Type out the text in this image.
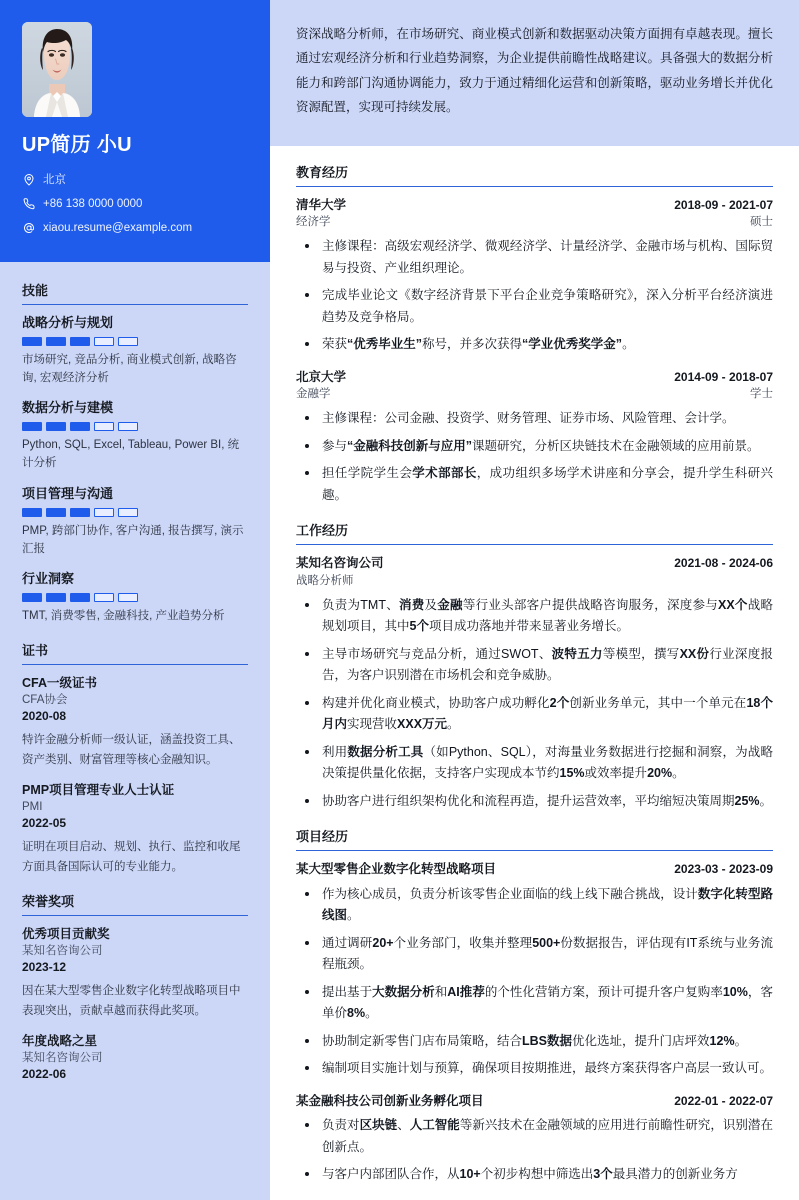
UP简历 小U
北京
+86 138 0000 0000
xiaou.resume@example.com
技能
战略分析与规划
市场研究, 竞品分析, 商业模式创新, 战略咨询, 宏观经济分析
数据分析与建模
Python, SQL, Excel, Tableau, Power BI, 统计分析
项目管理与沟通
PMP, 跨部门协作, 客户沟通, 报告撰写, 演示汇报
行业洞察
TMT, 消费零售, 金融科技, 产业趋势分析
证书
CFA一级证书
CFA协会
2020-08
特许金融分析师一级认证，涵盖投资工具、资产类别、财富管理等核心金融知识。
PMP项目管理专业人士认证
PMI
2022-05
证明在项目启动、规划、执行、监控和收尾方面具备国际认可的专业能力。
荣誉奖项
优秀项目贡献奖
某知名咨询公司
2023-12
因在某大型零售企业数字化转型战略项目中表现突出，贡献卓越而获得此奖项。
年度战略之星
某知名咨询公司
2022-06
资深战略分析师，在市场研究、商业模式创新和数据驱动决策方面拥有卓越表现。擅长通过宏观经济分析和行业趋势洞察，为企业提供前瞻性战略建议。具备强大的数据分析能力和跨部门沟通协调能力，致力于通过精细化运营和创新策略，驱动业务增长并优化资源配置，实现可持续发展。
教育经历
清华大学	2018-09 - 2021-07
经济学	硕士
主修课程：高级宏观经济学、微观经济学、计量经济学、金融市场与机构、国际贸易与投资、产业组织理论。
完成毕业论文《数字经济背景下平台企业竞争策略研究》，深入分析平台经济演进趋势及竞争格局。
荣获“优秀毕业生”称号，并多次获得“学业优秀奖学金”。
北京大学	2014-09 - 2018-07
金融学	学士
主修课程：公司金融、投资学、财务管理、证券市场、风险管理、会计学。
参与“金融科技创新与应用”课题研究，分析区块链技术在金融领域的应用前景。
担任学院学生会学术部部长，成功组织多场学术讲座和分享会，提升学生科研兴趣。
工作经历
某知名咨询公司	2021-08 - 2024-06
战略分析师
负责为TMT、消费及金融等行业头部客户提供战略咨询服务，深度参与XX个战略规划项目，其中5个项目成功落地并带来显著业务增长。
主导市场研究与竞品分析，通过SWOT、波特五力等模型，撰写XX份行业深度报告，为客户识别潜在市场机会和竞争威胁。
构建并优化商业模式，协助客户成功孵化2个创新业务单元，其中一个单元在18个月内实现营收XXX万元。
利用数据分析工具（如Python、SQL），对海量业务数据进行挖掘和洞察，为战略决策提供量化依据，支持客户实现成本节约15%或效率提升20%。
协助客户进行组织架构优化和流程再造，提升运营效率，平均缩短决策周期25%。
项目经历
某大型零售企业数字化转型战略项目	2023-03 - 2023-09
作为核心成员，负责分析该零售企业面临的线上线下融合挑战，设计数字化转型路线图。
通过调研20+个业务部门，收集并整理500+份数据报告，评估现有IT系统与业务流程瓶颈。
提出基于大数据分析和AI推荐的个性化营销方案，预计可提升客户复购率10%，客单价8%。
协助制定新零售门店布局策略，结合LBS数据优化选址，提升门店坪效12%。
编制项目实施计划与预算，确保项目按期推进，最终方案获得客户高层一致认可。
某金融科技公司创新业务孵化项目	2022-01 - 2022-07
负责对区块链、人工智能等新兴技术在金融领域的应用进行前瞻性研究，识别潜在创新点。
与客户内部团队合作，从10+个初步构想中筛选出3个最具潜力的创新业务方
